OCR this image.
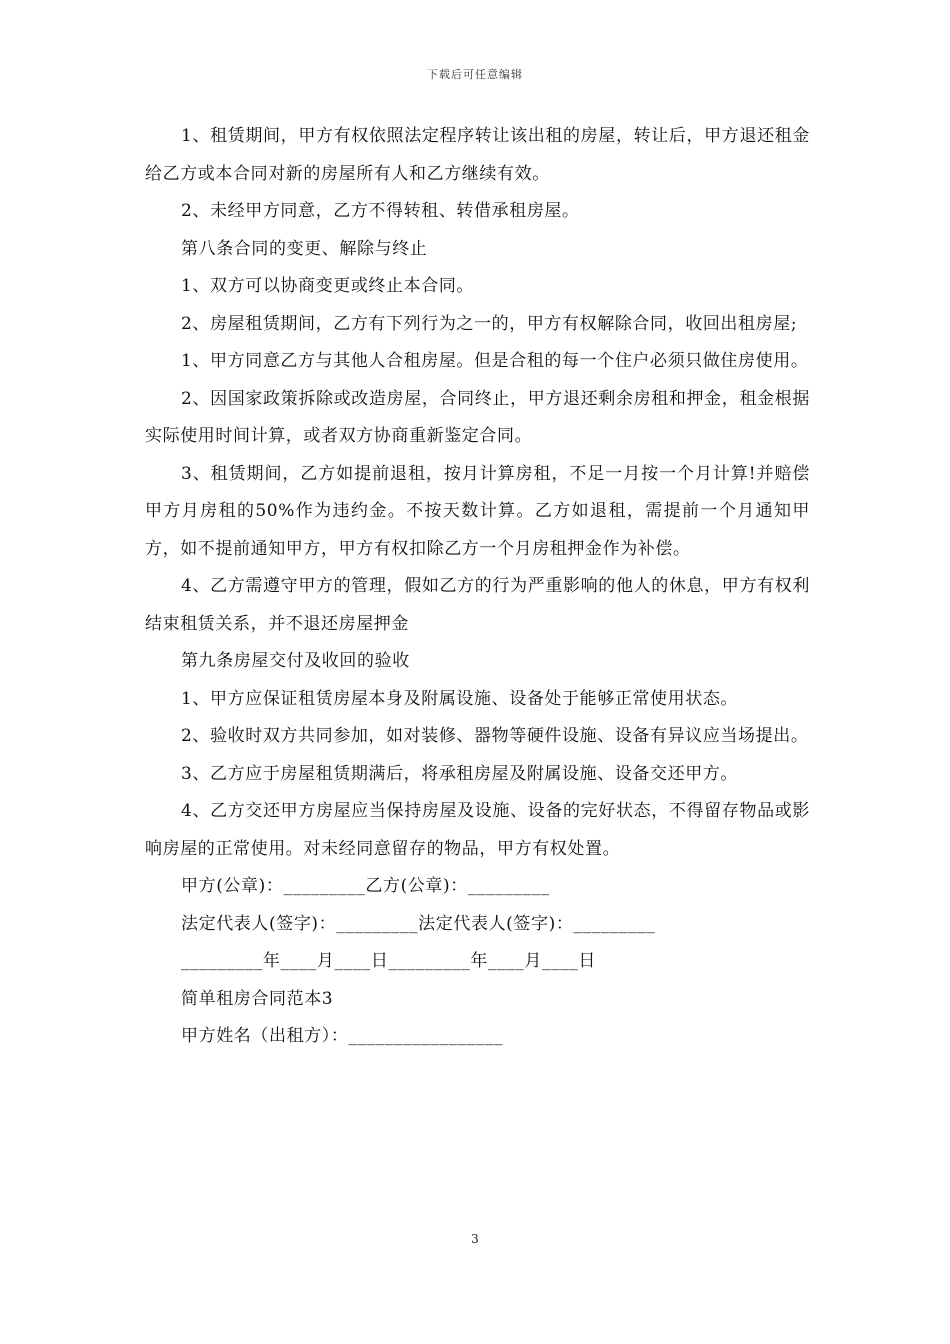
下载后可任意编辑

1、租赁期间，甲方有权依照法定程序转让该出租的房屋，转让后，甲方退还租金给乙方或本合同对新的房屋所有人和乙方继续有效。

2、未经甲方同意，乙方不得转租、转借承租房屋。

第八条合同的变更、解除与终止

1、双方可以协商变更或终止本合同。

2、房屋租赁期间，乙方有下列行为之一的，甲方有权解除合同，收回出租房屋;

1、甲方同意乙方与其他人合租房屋。但是合租的每一个住户必须只做住房使用。

2、因国家政策拆除或改造房屋，合同终止，甲方退还剩余房租和押金，租金根据实际使用时间计算，或者双方协商重新鉴定合同。

3、租赁期间，乙方如提前退租，按月计算房租，不足一月按一个月计算!并赔偿甲方月房租的50%作为违约金。不按天数计算。乙方如退租，需提前一个月通知甲方，如不提前通知甲方，甲方有权扣除乙方一个月房租押金作为补偿。

4、乙方需遵守甲方的管理，假如乙方的行为严重影响的他人的休息，甲方有权利结束租赁关系，并不退还房屋押金

第九条房屋交付及收回的验收

1、甲方应保证租赁房屋本身及附属设施、设备处于能够正常使用状态。

2、验收时双方共同参加，如对装修、器物等硬件设施、设备有异议应当场提出。

3、乙方应于房屋租赁期满后，将承租房屋及附属设施、设备交还甲方。

4、乙方交还甲方房屋应当保持房屋及设施、设备的完好状态，不得留存物品或影响房屋的正常使用。对未经同意留存的物品，甲方有权处置。

甲方(公章)：_________乙方(公章)：_________

法定代表人(签字)：_________法定代表人(签字)：_________

_________年____月____日_________年____月____日

简单租房合同范本3

甲方姓名（出租方）：_________________

3
